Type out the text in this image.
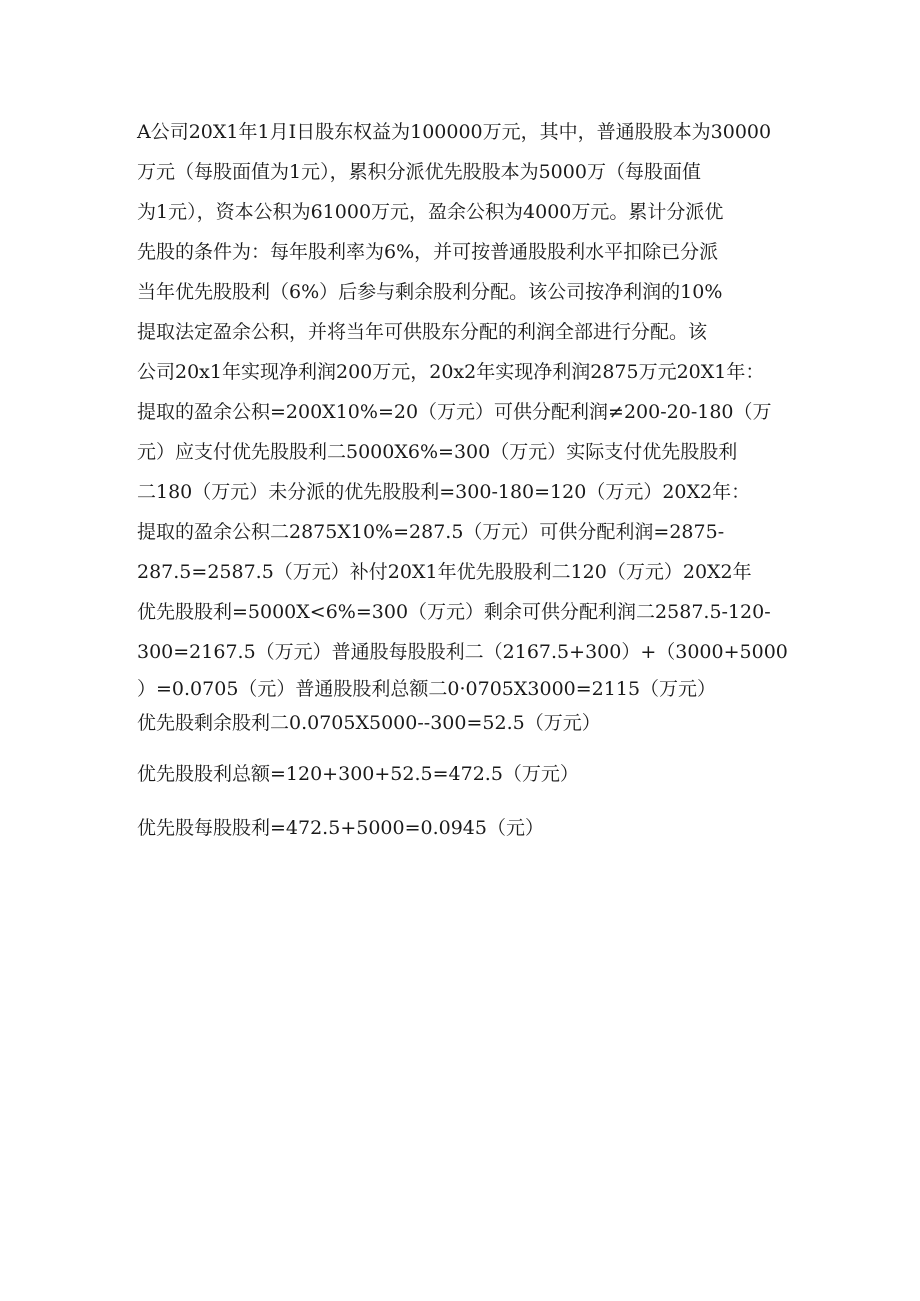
A公司20X1年1月I日股东权益为100000万元，其中，普通股股本为30000
万元（每股面值为1元），累积分派优先股股本为5000万（每股面值
为1元），资本公积为61000万元，盈余公积为4000万元。累计分派优
先股的条件为：每年股利率为6%，并可按普通股股利水平扣除已分派
当年优先股股利（6%）后参与剩余股利分配。该公司按净利润的10%
提取法定盈余公积，并将当年可供股东分配的利润全部进行分配。该
公司20x1年实现净利润200万元，20x2年实现净利润2875万元20X1年：
提取的盈余公积=200X10%=20（万元）可供分配利润≠200-20-180（万
元）应支付优先股股利二5000X6%=300（万元）实际支付优先股股利
二180（万元）未分派的优先股股利=300-180=120（万元）20X2年：
提取的盈余公积二2875X10%=287.5（万元）可供分配利润=2875-
287.5=2587.5（万元）补付20X1年优先股股利二120（万元）20X2年
优先股股利=5000X<6%=300（万元）剩余可供分配利润二2587.5-120-
300=2167.5（万元）普通股每股股利二（2167.5+300）+（3000+5000
）=0.0705（元）普通股股利总额二0·0705X3000=2115（万元）
优先股剩余股利二0.0705X5000--300=52.5（万元）
优先股股利总额=120+300+52.5=472.5（万元）
优先股每股股利=472.5+5000=0.0945（元）
